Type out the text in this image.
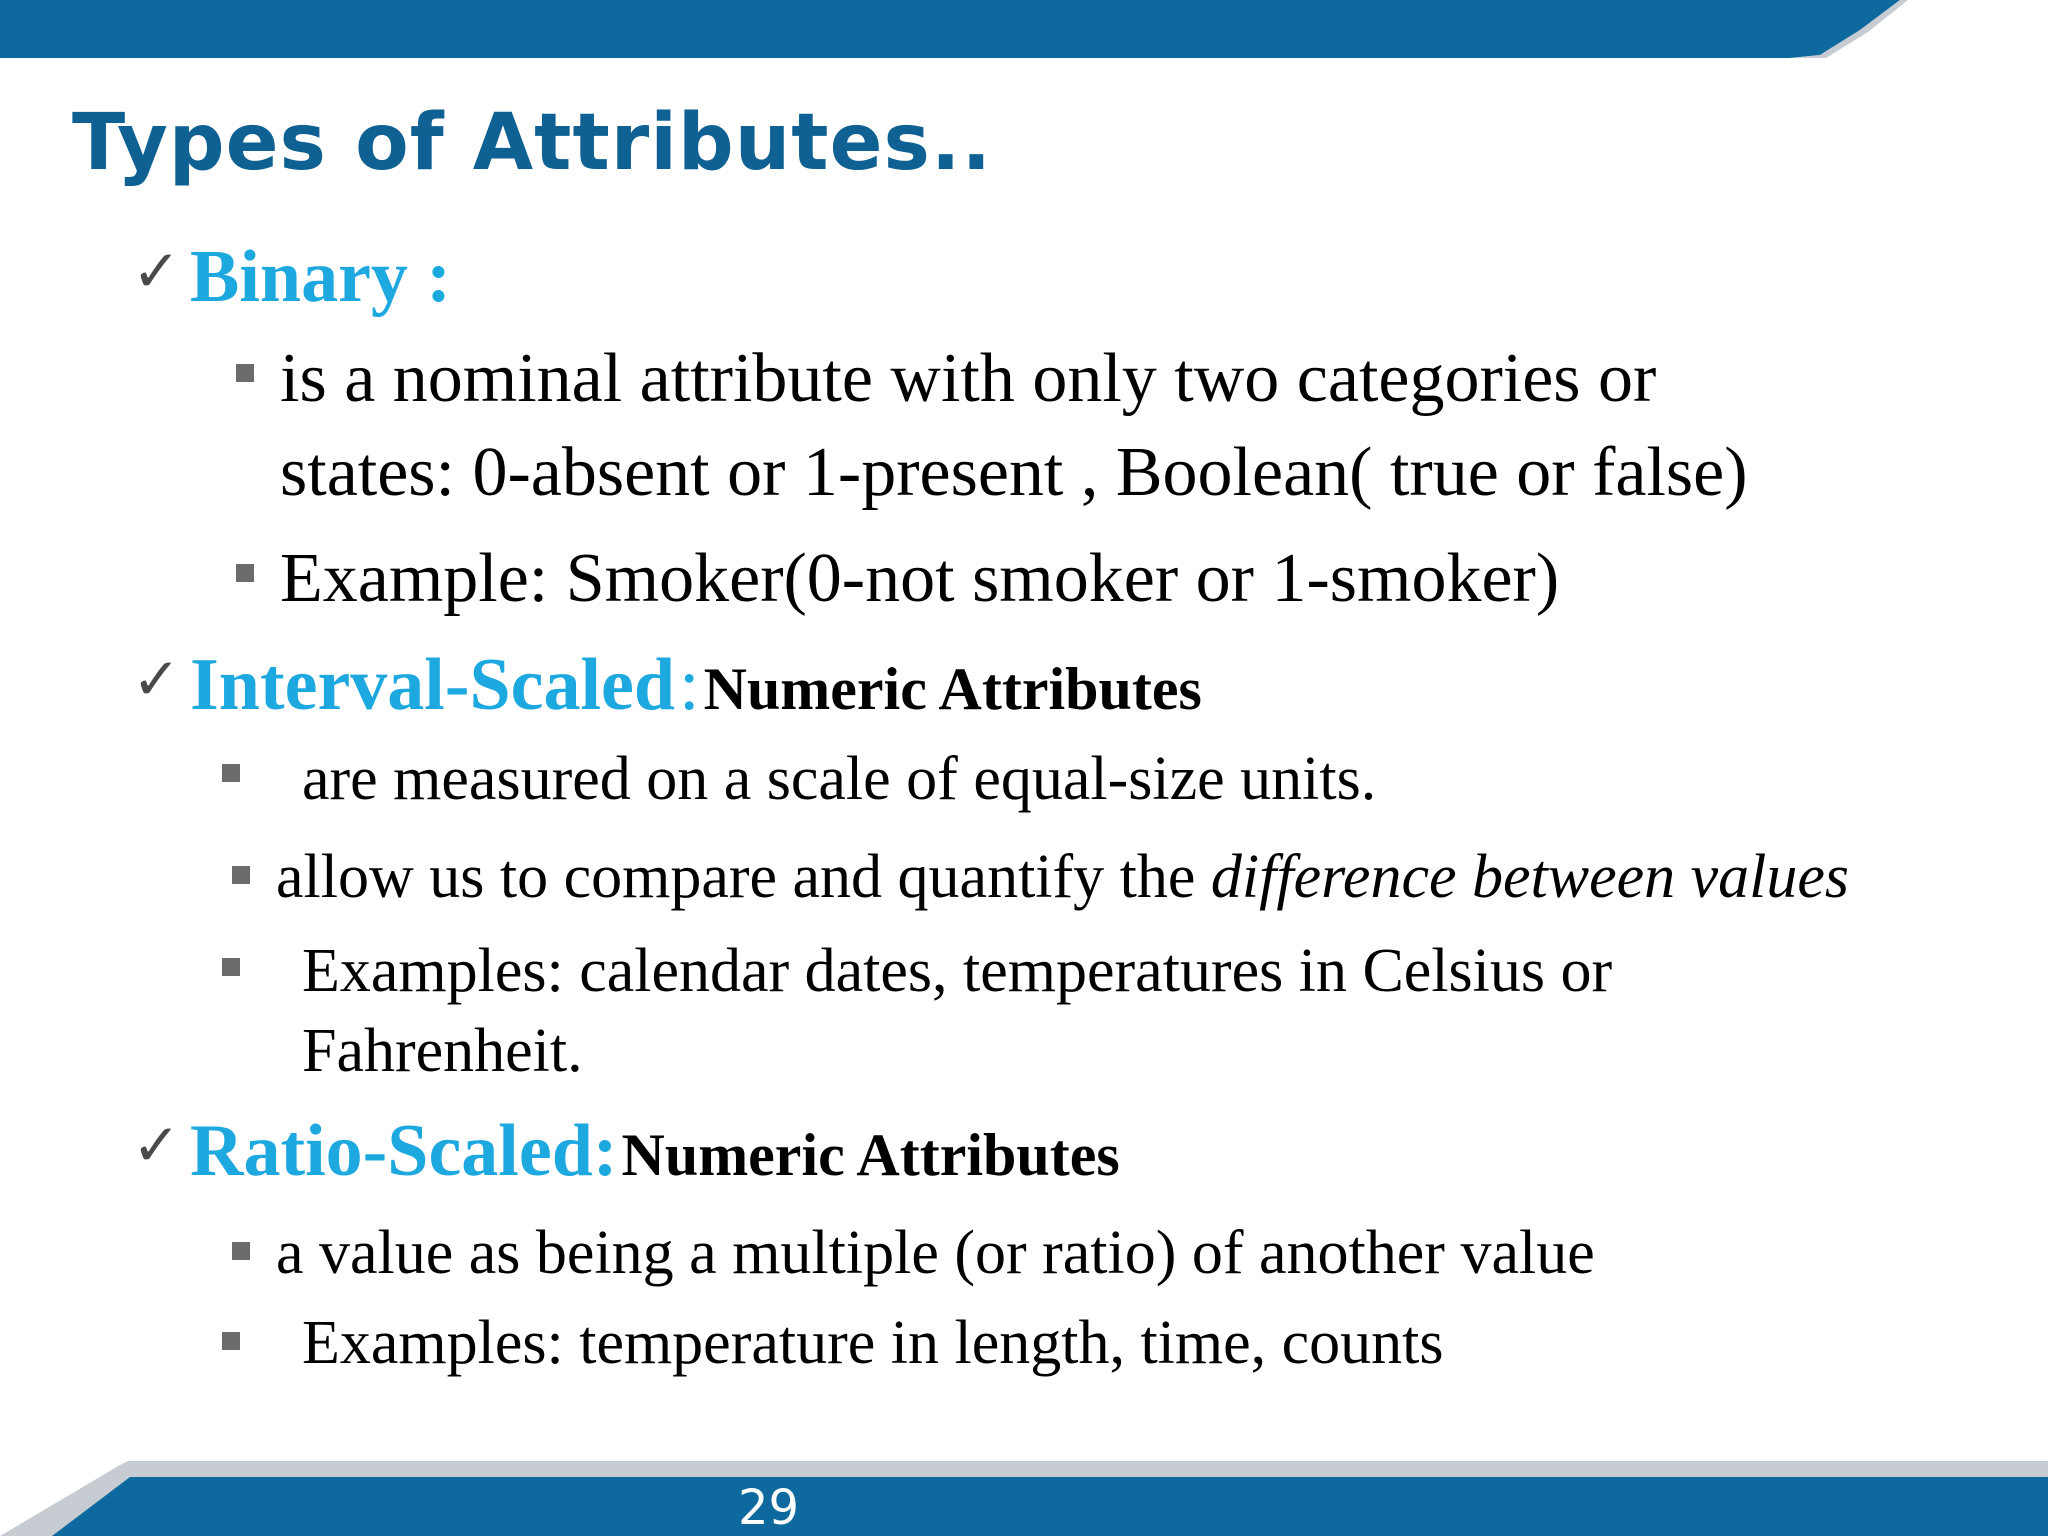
Types of Attributes..
✓ Binary :
is a nominal attribute with only two categories or
states: 0-absent or 1-present , Boolean( true or false)
Example: Smoker(0-not smoker or 1-smoker)
✓ Interval-Scaled : Numeric Attributes
are measured on a scale of equal-size units.
allow us to compare and quantify the difference between values
Examples: calendar dates, temperatures in Celsius or
Fahrenheit.
✓ Ratio-Scaled: Numeric Attributes
a value as being a multiple (or ratio) of another value
Examples: temperature in length, time, counts
29
